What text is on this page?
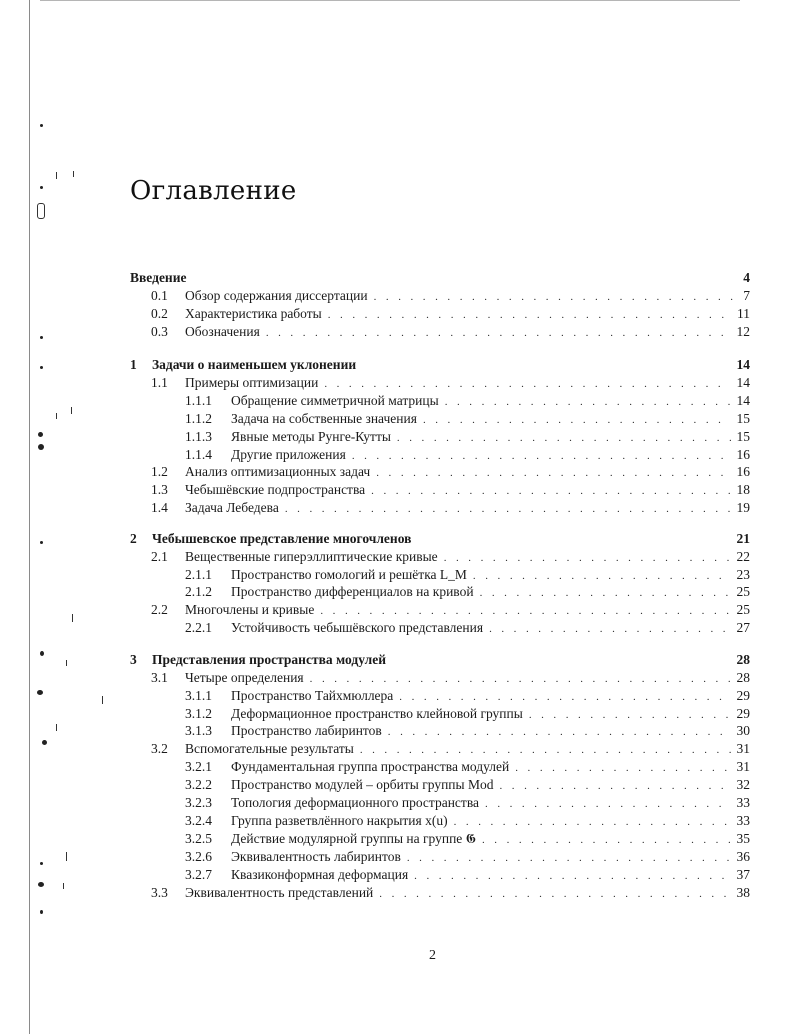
Оглавление
Введение	4
0.1	Обзор содержания диссертации . . .	7
0.2	Характеристика работы . . .	11
0.3	Обозначения . . .	12
1	Задачи о наименьшем уклонении	14
1.1	Примеры оптимизации . . .	14
1.1.1	Обращение симметричной матрицы . . .	14
1.1.2	Задача на собственные значения . . .	15
1.1.3	Явные методы Рунге-Кутты . . .	15
1.1.4	Другие приложения . . .	16
1.2	Анализ оптимизационных задач . . .	16
1.3	Чебышёвские подпространства . . .	18
1.4	Задача Лебедева . . .	19
2	Чебышевское представление многочленов	21
2.1	Вещественные гиперэллиптические кривые . . .	22
2.1.1	Пространство гомологий и решётка L_M . . .	23
2.1.2	Пространство дифференциалов на кривой . . .	25
2.2	Многочлены и кривые . . .	25
2.2.1	Устойчивость чебышёвского представления . . .	27
3	Представления пространства модулей	28
3.1	Четыре определения . . .	28
3.1.1	Пространство Тайхмюллера . . .	29
3.1.2	Деформационное пространство клейновой группы . . .	29
3.1.3	Пространство лабиринтов . . .	30
3.2	Вспомогательные результаты . . .	31
3.2.1	Фундаментальная группа пространства модулей . . .	31
3.2.2	Пространство модулей – орбиты группы Mod . . .	32
3.2.3	Топология деформационного пространства . . .	33
3.2.4	Группа разветвлённого накрытия x(u) . . .	33
3.2.5	Действие модулярной группы на группе 𝕲 . . .	35
3.2.6	Эквивалентность лабиринтов . . .	36
3.2.7	Квазиконформная деформация . . .	37
3.3	Эквивалентность представлений . . .	38
2
